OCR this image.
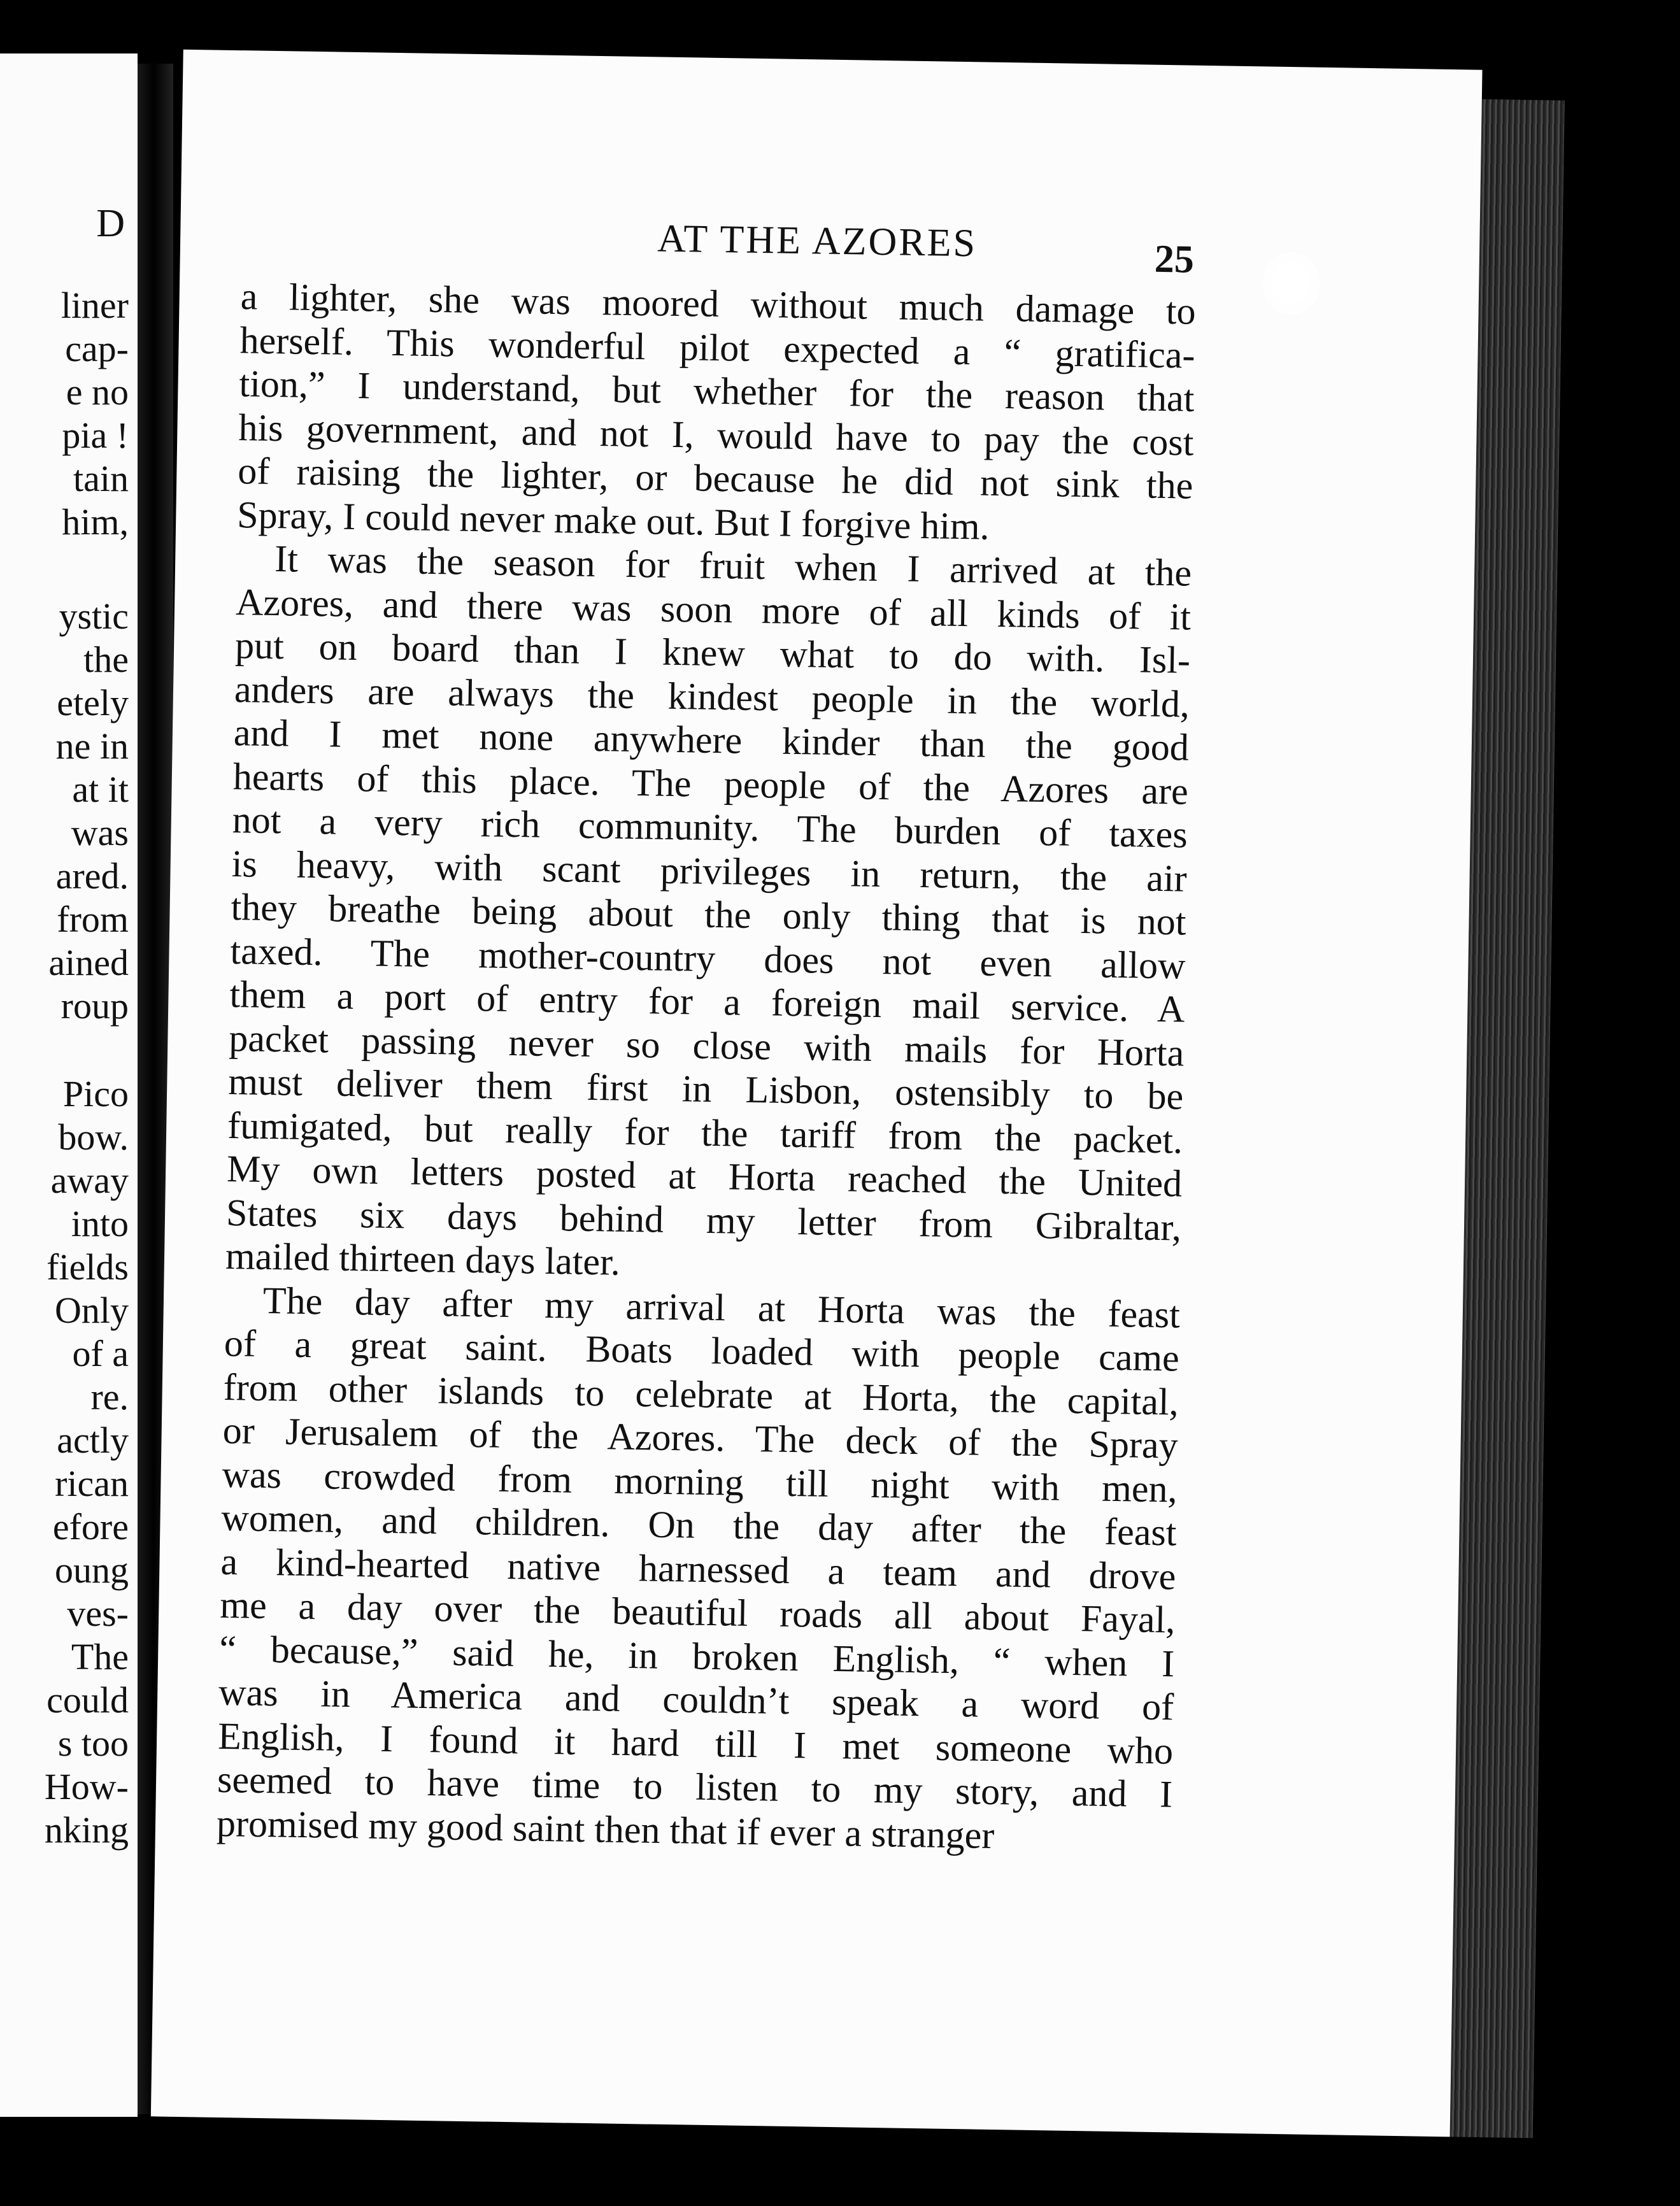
D
liner
cap-
e no
pia !
tain
him,
ystic
the
etely
ne in
at it
was
ared.
from
ained
roup
Pico
bow.
away
into
fields
Only
of a
re.
actly
rican
efore
oung
ves-
The
could
s too
How-
nking
AT THE AZORES	25
a lighter, she was moored without much damage to
herself. This wonderful pilot expected a “ gratifica-
tion,” I understand, but whether for the reason that
his government, and not I, would have to pay the cost
of raising the lighter, or because he did not sink the
Spray, I could never make out. But I forgive him.
It was the season for fruit when I arrived at the
Azores, and there was soon more of all kinds of it
put on board than I knew what to do with. Isl-
anders are always the kindest people in the world,
and I met none anywhere kinder than the good
hearts of this place. The people of the Azores are
not a very rich community. The burden of taxes
is heavy, with scant privileges in return, the air
they breathe being about the only thing that is not
taxed. The mother-country does not even allow
them a port of entry for a foreign mail service. A
packet passing never so close with mails for Horta
must deliver them first in Lisbon, ostensibly to be
fumigated, but really for the tariff from the packet.
My own letters posted at Horta reached the United
States six days behind my letter from Gibraltar,
mailed thirteen days later.
The day after my arrival at Horta was the feast
of a great saint. Boats loaded with people came
from other islands to celebrate at Horta, the capital,
or Jerusalem of the Azores. The deck of the Spray
was crowded from morning till night with men,
women, and children. On the day after the feast
a kind-hearted native harnessed a team and drove
me a day over the beautiful roads all about Fayal,
“ because,” said he, in broken English, “ when I
was in America and couldn’t speak a word of
English, I found it hard till I met someone who
seemed to have time to listen to my story, and I
promised my good saint then that if ever a stranger
